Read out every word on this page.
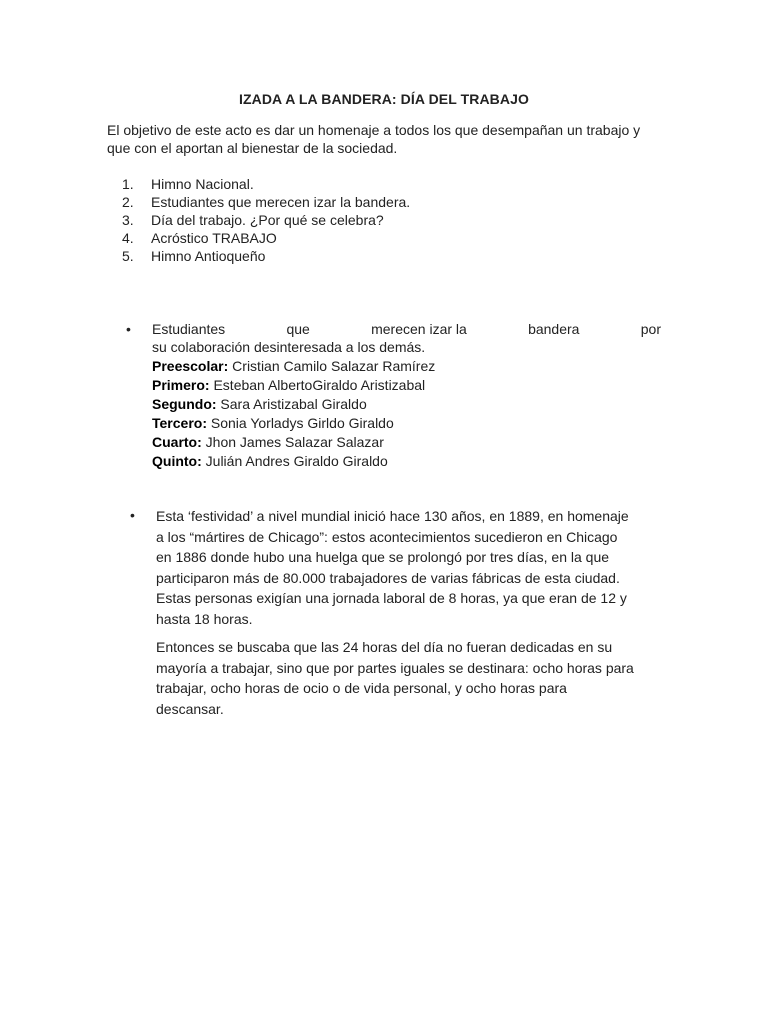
IZADA A LA BANDERA: DÍA DEL TRABAJO
El objetivo de este acto es dar un homenaje a todos los que desempañan un trabajo y que con el aportan al bienestar de la sociedad.
1.	Himno Nacional.
2.	Estudiantes que merecen izar la bandera.
3.	Día del trabajo. ¿Por qué se celebra?
4.	Acróstico TRABAJO
5.	Himno Antioqueño
• Estudiantes	que	merecen izar la	bandera	por
su colaboración desinteresada a los demás.
Preescolar: Cristian Camilo Salazar Ramírez
Primero: Esteban AlbertoGiraldo Aristizabal
Segundo: Sara Aristizabal Giraldo
Tercero: Sonia Yorladys Girldo Giraldo
Cuarto: Jhon James Salazar Salazar
Quinto: Julián Andres Giraldo Giraldo
• Esta ‘festividad’ a nivel mundial inició hace 130 años, en 1889, en homenaje a los “mártires de Chicago”: estos acontecimientos sucedieron en Chicago en 1886 donde hubo una huelga que se prolongó por tres días, en la que participaron más de 80.000 trabajadores de varias fábricas de esta ciudad. Estas personas exigían una jornada laboral de 8 horas, ya que eran de 12 y hasta 18 horas.

Entonces se buscaba que las 24 horas del día no fueran dedicadas en su mayoría a trabajar, sino que por partes iguales se destinara: ocho horas para trabajar, ocho horas de ocio o de vida personal, y ocho horas para descansar.
